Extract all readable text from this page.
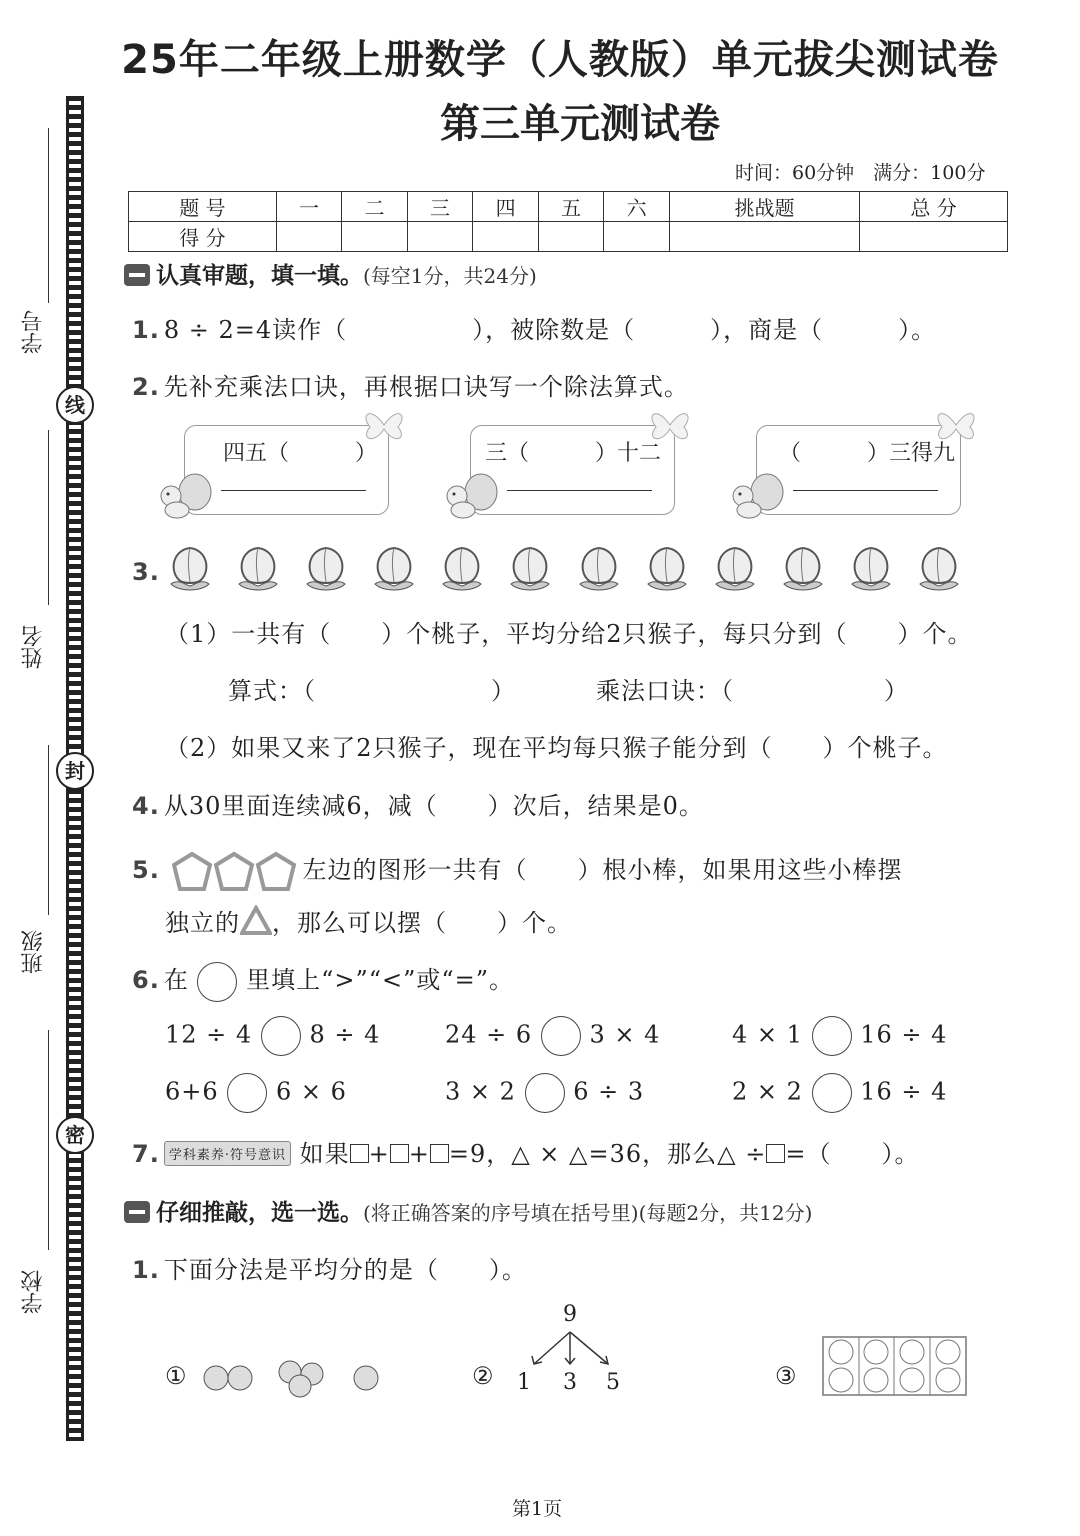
学号
线
姓名
封
班级
密
学校
25年二年级上册数学（人教版）单元拔尖测试卷
第三单元测试卷
时间：60分钟　满分：100分
题 号	一	二	三	四	五	六	挑战题	总 分
得 分								
认真审题，填一填。(每空1分，共24分)
1. 8 ÷ 2=4读作（　　　　　），被除数是（　　　），商是（　　　）。
2. 先补充乘法口诀，再根据口诀写一个除法算式。
四五（　　　）	三（　　　）十二	（　　　）三得九
3.

（1）一共有（　　）个桃子，平均分给2只猴子，每只分到（　　）个。
算式：（　　　　　　　）	乘法口诀：（　　　　　　）
（2）如果又来了2只猴子，现在平均每只猴子能分到（　　）个桃子。
4. 从30里面连续减6，减（　　）次后，结果是0。
5.	左边的图形一共有（　　）根小棒，如果用这些小棒摆
独立的 ，那么可以摆（　　）个。
6. 在 里填上“>”“<”或“=”。
12 ÷ 4 8 ÷ 4	24 ÷ 6 3 × 4	4 × 1 16 ÷ 4
6+6 6 × 6	3 × 2 6 ÷ 3	2 × 2 16 ÷ 4
7. 学科素养·符号意识 如果 + + =9，△ × △=36，那么△ ÷ =（　　）。
仔细推敲，选一选。(将正确答案的序号填在括号里)(每题2分，共12分)
1. 下面分法是平均分的是（　　）。
①	②
9
1 3 5	③
第1页
